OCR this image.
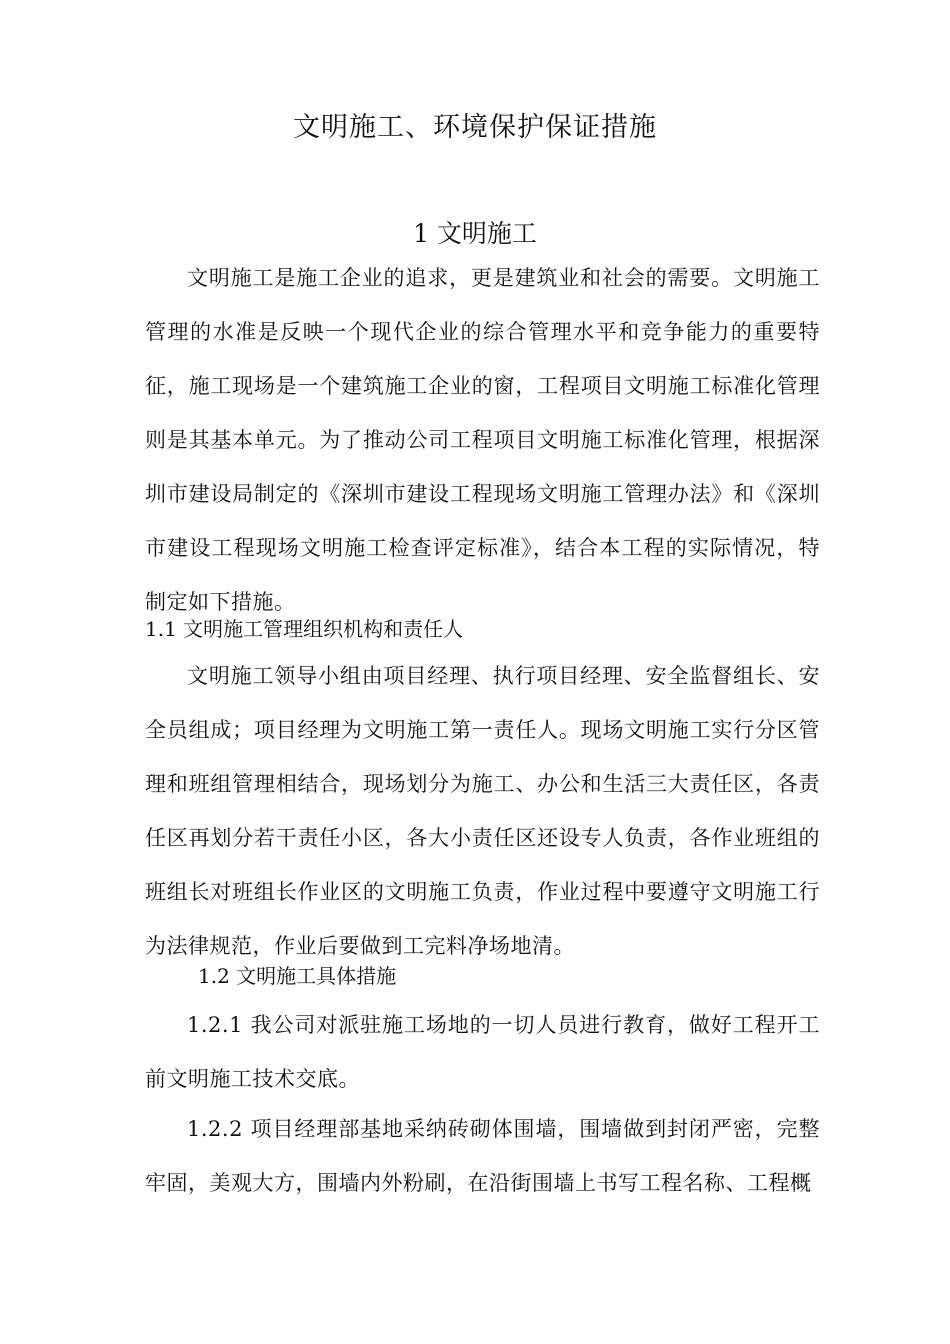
文明施工、环境保护保证措施
1 文明施工

文明施工是施工企业的追求，更是建筑业和社会的需要。文明施工管理的水准是反映一个现代企业的综合管理水平和竞争能力的重要特征，施工现场是一个建筑施工企业的窗，工程项目文明施工标准化管理则是其基本单元。为了推动公司工程项目文明施工标准化管理，根据深圳市建设局制定的《深圳市建设工程现场文明施工管理办法》和《深圳市建设工程现场文明施工检查评定标准》，结合本工程的实际情况，特制定如下措施。

1.1 文明施工管理组织机构和责任人

文明施工领导小组由项目经理、执行项目经理、安全监督组长、安全员组成；项目经理为文明施工第一责任人。现场文明施工实行分区管理和班组管理相结合，现场划分为施工、办公和生活三大责任区，各责任区再划分若干责任小区，各大小责任区还设专人负责，各作业班组的班组长对班组长作业区的文明施工负责，作业过程中要遵守文明施工行为法律规范，作业后要做到工完料净场地清。

1.2 文明施工具体措施

1.2.1 我公司对派驻施工场地的一切人员进行教育，做好工程开工前文明施工技术交底。

1.2.2 项目经理部基地采纳砖砌体围墙，围墙做到封闭严密，完整牢固，美观大方，围墙内外粉刷，在沿街围墙上书写工程名称、工程概
